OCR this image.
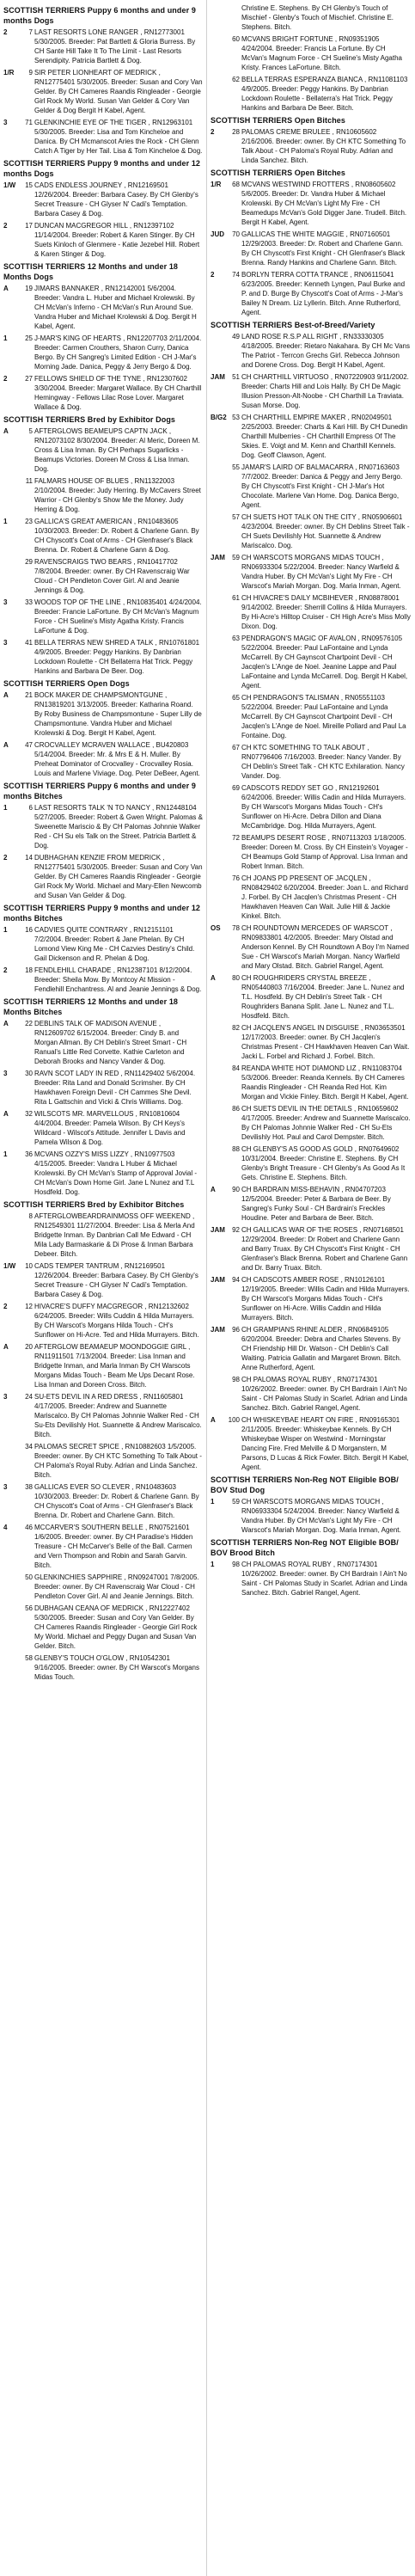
SCOTTISH TERRIERS Puppy 6 months and under 9 months Dogs
2	7 LAST RESORTS LONE RANGER , RN12773001 5/30/2005. Breeder: Pat Bartlett & Gloria Burress. By CH Sante Hill Take It To The Limit - Last Resorts Serendipity. Patricia Bartlett & Dog.
1/R	9 SIR PETER LIONHEART OF MEDRICK , RN12775401 5/30/2005. Breeder: Susan and Cory Van Gelder. By CH Cameres Raandis Ringleader - Georgie Girl Rock My World. Susan Van Gelder & Cory Van Gelder & Dog Bergit H Kabel, Agent.
3	71 GLENKINCHIE EYE OF THE TIGER , RN12963101 5/30/2005. Breeder: Lisa and Tom Kincheloe and Danica. By CH Mcmanscot Aries the Rock - CH Glenn Catch A Tiger by Her Tail. Lisa & Tom Kincheloe & Dog.
SCOTTISH TERRIERS Puppy 9 months and under 12 months Dogs
1/W	15 CADS ENDLESS JOURNEY , RN12169501 12/26/2004. Breeder: Barbara Casey. By CH Glenby's Secret Treasure - CH Glyser N' Cadi's Temptation. Barbara Casey & Dog.
2	17 DUNCAN MACGREGOR HILL , RN12397102 11/14/2004. Breeder: Robert & Karen Stinger. By CH Suets Kinloch of Glenmere - Katie Jezebel Hill. Robert & Karen Stinger & Dog.
SCOTTISH TERRIERS 12 Months and under 18 Months Dogs
A	19 JIMARS BANNAKER , RN12142001 5/6/2004. Breeder: Vandra L. Huber and Michael Krolewski. By CH McVan's Inferno - CH McVan's Run Around Sue. Vandra Huber and Michael Krolewski & Dog. Bergit H Kabel, Agent.
1	25 J-MAR'S KING OF HEARTS , RN12207703 2/11/2004. Breeder: Carmen Crouthers, Sharon Curry, Danica Bergo. By CH Sangreg's Limited Edition - CH J-Mar's Morning Jade. Danica, Peggy & Jerry Bergo & Dog.
2	27 FELLOWS SHIELD OF THE TYNE , RN12307602 3/30/2004. Breeder: Margaret Wallace. By CH Charthill Hemingway - Fellows Lilac Rose Lover. Margaret Wallace & Dog.
SCOTTISH TERRIERS Bred by Exhibitor Dogs
A	5 AFTERGLOWS BEAMEUPS CAPTN JACK , RN12073102 8/30/2004. Breeder: Al Meric, Doreen M. Cross & Lisa Inman. By CH Perhaps Sugarlicks - Beamups Victories. Doreen M Cross & Lisa Inman. Dog.
11 FALMARS HOUSE OF BLUES , RN11322003 2/10/2004. Breeder: Judy Herring. By McCavers Street Warrior - CH Glenby's Show Me the Money. Judy Herring & Dog.
1	23 GALLICA'S GREAT AMERICAN , RN10483605 10/30/2003. Breeder: Dr. Robert & Charlene Gann. By CH Chyscott's Coat of Arms - CH Glenfraser's Black Brenna. Dr. Robert & Charlene Gann & Dog.
29 RAVENSCRAIGS TWO BEARS , RN10417702 7/8/2004. Breeder: owner. By CH Ravenscraig War Cloud - CH Pendleton Cover Girl. Al and Jeanie Jennings & Dog.
3	33 WOODS TOP OF THE LINE , RN10835401 4/24/2004. Breeder: Francie LaFortune. By CH McVan's Magnum Force - CH Sueline's Misty Agatha Kristy. Francis LaFortune & Dog.
3	41 BELLA TERRAS NEW SHRED A TALK , RN10761801 4/9/2005. Breeder: Peggy Hankins. By Danbrian Lockdown Roulette - CH Bellaterra Hat Trick. Peggy Hankins and Barbara De Beer. Dog.
SCOTTISH TERRIERS Open Dogs
A	21 BOCK MAKER DE CHAMPSMONTGUNE , RN13819201 3/13/2005. Breeder: Katharina Roand. By Roby Business de Champsmontune - Super Lilly de Champsmontune. Vandra Huber and Michael Krolewski & Dog. Bergit H Kabel, Agent.
A	47 CROCVALLEY MCRAVEN WALLACE , BU420803 5/14/2004. Breeder: Mr. & Mrs E & H. Muller. By Preheat Dominator of Crocvalley - Crocvalley Rosia. Louis and Marlene Viviage. Dog. Peter DeBeer, Agent.
SCOTTISH TERRIERS Puppy 6 months and under 9 months Bitches
1	6 LAST RESORTS TALK 'N TO NANCY , RN12448104 5/27/2005. Breeder: Robert & Gwen Wright. Palomas & Sweenette Mariscio & By CH Palomas Johnnie Walker Red - CH Su els Talk on the Street. Patricia Bartlett & Dog.
2	14 DUBHAGHAN KENZIE FROM MEDRICK , RN12775401 5/30/2005. Breeder: Susan and Cory Van Gelder. By CH Cameres Raandis Ringleader - Georgie Girl Rock My World. Michael and Mary-Ellen Newcomb and Susan Van Gelder & Dog.
SCOTTISH TERRIERS Puppy 9 months and under 12 months Bitches
1	16 CADVIES QUITE CONTRARY , RN12151101 7/2/2004. Breeder: Robert & Jane Phelan. By CH Lomond View King Me - CH Cazvies Destiny's Child. Gail Dickenson and R. Phelan & Dog.
2	18 FENDLEHILL CHARADE , RN12387101 8/12/2004. Breeder: Sheila Mow. By Montcoy At Mission - Fendlehill Enchantress. Al and Jeanie Jennings & Dog.
SCOTTISH TERRIERS 12 Months and under 18 Months Bitches
A	22 DEBLINS TALK OF MADISON AVENUE , RN12609702 6/15/2004. Breeder: Cindy B. and Morgan Allman. By CH Deblin's Street Smart - CH Ranual's Little Red Corvette. Kathie Carleton and Deborah Brooks and Nancy Vander & Dog.
3	30 RAVN SCOT LADY IN RED , RN11429402 5/6/2004. Breeder: Rita Land and Donald Scrimsher. By CH Hawkhaven Foreign Devil - CH Cammes She Devil. Rita L Gattschin and Vicki & Chris Williams. Dog.
A	32 WILSCOTS MR. MARVELLOUS , RN10810604 4/4/2004. Breeder: Pamela Wilson. By CH Keys's Wildcard - Wilscot's Attitude. Jennifer L Davis and Pamela Wilson & Dog.
1	36 MCVANS OZZY'S MISS LIZZY , RN10977503 4/15/2005. Breeder: Vandra L Huber & Michael Krolewski. By CH McVan's Stamp of Approval Jovial - CH McVan's Down Home Girl. Jane L Nunez and T.L Hosdfeld. Dog.
SCOTTISH TERRIERS Bred by Exhibitor Bitches
8 AFTERGLOWBEARDRAINMOSS OFF WEEKEND , RN12549301 11/27/2004. Breeder: Lisa & Merla And Bridgette Inman. By Danbrian Call Me Edward - CH Mila Lady Barmaskarie & Di Prose & Inman Barbara Debeer. Bitch.
1/W	10 CADS TEMPER TANTRUM , RN12169501 12/26/2004. Breeder: Barbara Casey. By CH Glenby's Secret Treasure - CH Glyser N' Cadi's Temptation. Barbara Casey & Dog.
2	12 HIVACRE'S DUFFY MACGREGOR , RN12132602 6/24/2005. Breeder: Wills Cuddin & Hilda Murrayers. By CH Warscot's Morgans Hilda Touch - CH's Sunflower on Hi-Acre. Ted and Hilda Murrayers. Bitch.
A	20 AFTERGLOW BEAMAEUP MOONDOGGIE GIRL , RN11911501 7/13/2004. Breeder: Lisa Inman and Bridgette Inman, and Marla Inman By CH Warscots Morgans Midas Touch - Beam Me Ups Decant Rose. Lisa Inman and Doreen Cross. Bitch.
3	24 SU-ETS DEVIL IN A RED DRESS , RN11605801 4/17/2005. Breeder: Andrew and Suannette Mariscalco. By CH Palomas Johnnie Walker Red - CH Su-Ets Devilishly Hot. Suannette & Andrew Mariscalco. Bitch.
34 PALOMAS SECRET SPICE , RN10882603 1/5/2005. Breeder: owner. By CH KTC Something To Talk About - CH Paloma's Royal Ruby. Adrian and Linda Sanchez. Bitch.
3	38 GALLICAS EVER SO CLEVER , RN10483603 10/30/2003. Breeder: Dr. Robert & Charlene Gann. By CH Chyscott's Coat of Arms - CH Glenfraser's Black Brenna. Dr. Robert and Charlene Gann. Bitch.
4	46 MCCARVER'S SOUTHERN BELLE , RN07521601 1/6/2005. Breeder: owner. By CH Paradise's Hidden Treasure - CH McCarver's Belle of the Ball. Carmen and Vern Thompson and Robin and Sarah Garvin. Bitch.
50 GLENKINCHIES SAPPHIRE , RN09247001 7/8/2005. Breeder: owner. By CH Ravenscraig War Cloud - CH Pendleton Cover Girl. Al and Jeanie Jennings. Bitch.
56 DUBHAGAN CEANA OF MEDRICK , RN12227402 5/30/2005. Breeder: Susan and Cory Van Gelder. By CH Cameres Raandis Ringleader - Georgie Girl Rock My World. Michael and Peggy Dugan and Susan Van Gelder. Bitch.
58 GLENBY'S TOUCH O'GLOW , RN10542301 9/16/2005. Breeder: owner. By CH Warscot's Morgans Midas Touch.
Christine E. Stephens. By CH Glenby's Touch of Mischief - Glenby's Touch of Mischief. Christine E. Stephens. Bitch.
60 MCVANS BRIGHT FORTUNE , RN09351905 4/24/2004. Breeder: Francis La Fortune. By CH McVan's Magnum Force - CH Sueline's Misty Agatha Kristy. Frances LaFortune. Bitch.
62 BELLA TERRAS ESPERANZA BIANCA , RN11081103 4/9/2005. Breeder: Peggy Hankins. By Danbrian Lockdown Roulette - Bellaterra's Hat Trick. Peggy Hankins and Barbara De Beer. Bitch.
SCOTTISH TERRIERS Open Bitches
2	28 PALOMAS CREME BRULEE , RN10605602 2/16/2006. Breeder: owner. By CH KTC Something To Talk About - CH Paloma's Royal Ruby. Adrian and Linda Sanchez. Bitch.
SCOTTISH TERRIERS Open Bitches
1/R	68 MCVANS WESTWIND FROTTERS , RN08605602 5/6/2005. Breeder: Dr. Vandra Huber & Michael Krolewski. By CH McVan's Light My Fire - CH Beamedups McVan's Gold Digger Jane. Trudell. Bitch. Bergit H Kabel, Agent.
JUD	70 GALLICAS THE WHITE MAGGIE , RN07160501 12/29/2003. Breeder: Dr. Robert and Charlene Gann. By CH Chyscott's First Knight - CH Glenfraser's Black Brenna. Randy Hankins and Charlene Gann. Bitch.
2	74 BORLYN TERRA COTTA TRANCE , RN06115041 6/23/2005. Breeder: Kenneth Lyngen, Paul Burke and P. and D. Burge By Chyscott's Coat of Arms - J-Mar's Bailey N Dream. Liz Lyllerin. Bitch. Anne Rutherford, Agent.
SCOTTISH TERRIERS Best-of-Breed/Variety
49 LAND ROSE R.S.P ALL RIGHT , RN33330305 4/18/2005. Breeder: Rietaro Nakahara. By CH Mc Vans The Patriot - Terrcon Grechs Girl. Rebecca Johnson and Dorene Cross. Dog. Bergit H Kabel, Agent.
JAM	51 CH CHARTHILL VIRTUOSO , RN07220903 9/11/2002. Breeder: Charts Hill and Lois Hally. By CH De Magic Illusion Presson-Alt-Noobe - CH Charthill La Traviata. Susan Morse. Dog.
B/G2 53 CH CHARTHILL EMPIRE MAKER , RN02049501 2/25/2003. Breeder: Charts & Kari Hill. By CH Dunedin Charthill Mulberries - CH Charthill Empress Of The Skies. E. Voigt and M. Kenn and Charthill Kennels. Dog. Geoff Clawson, Agent.
55 JAMAR'S LAIRD OF BALMACARRA , RN07163603 7/7/2002. Breeder: Danica & Peggy and Jerry Bergo. By CH Chyscott's First Knight - CH J-Mar's Hot Chocolate. Marlene Van Home. Dog. Danica Bergo, Agent.
57 CH SUETS HOT TALK ON THE CITY , RN05906601 4/23/2004. Breeder: owner. By CH Deblins Street Talk - CH Suets Devilishly Hot. Suannette & Andrew Mariscalco. Dog.
JAM	59 CH WARSCOTS MORGANS MIDAS TOUCH , RN06933304 5/22/2004. Breeder: Nancy Warfield & Vandra Huber. By CH McVan's Light My Fire - CH Warscot's Mariah Morgan. Dog. Maria Inman, Agent.
61 CH HIVACRE'S DAILY MCBIHEVER , RN08878001 9/14/2002. Breeder: Sherrill Collins & Hilda Murrayers. By Hi-Acre's Hilltop Cruiser - CH High Acre's Miss Molly Dixon. Dog.
63 PENDRAGON'S MAGIC OF AVALON , RN09576105 5/22/2004. Breeder: Paul LaFontaine and Lynda McCarrell. By CH Gaynscot Chartpoint Devil - CH Jacqlen's L'Ange de Noel. Jeanine Lappe and Paul LaFontaine and Lynda McCarrell. Dog. Bergit H Kabel, Agent.
65 CH PENDRAGON'S TALISMAN , RN05551103 5/22/2004. Breeder: Paul LaFontaine and Lynda McCarrell. By CH Gaynscot Chartpoint Devil - CH Jacqlen's L'Ange de Noel. Mireille Pollard and Paul La Fontaine. Dog.
67 CH KTC SOMETHING TO TALK ABOUT , RN07796406 7/16/2003. Breeder: Nancy Vander. By CH Deblin's Street Talk - CH KTC Exhilaration. Nancy Vander. Dog.
69 CADSCOTS REDDY SET GO , RN12192601 6/24/2006. Breeder: Willis Cadin and Hilda Murrayers. By CH Warscot's Morgans Midas Touch - CH's Sunflower on Hi-Acre. Debra Dillon and Diana McCambridge. Dog. Hilda Murrayers, Agent.
72 BEAMUPS DESERT ROSE , RN07113203 1/18/2005. Breeder: Doreen M. Cross. By CH Einstein's Voyager - CH Beamups Gold Stamp of Approval. Lisa Inman and Robert Inman. Bitch.
76 CH JOANS PD PRESENT OF JACQLEN , RN08429402 6/20/2004. Breeder: Joan L. and Richard J. Forbel. By CH Jacqlen's Christmas Present - CH Hawkhaven Heaven Can Wait. Julie Hill & Jackie Kinkel. Bitch.
OS	78 CH ROUNDTOWN MERCEDES OF WARSCOT , RN09833801 4/2/2005. Breeder: Mary Olstad and Anderson Kennel. By CH Roundtown A Boy I'm Named Sue - CH Warscot's Mariah Morgan. Nancy Warfield and Mary Olstad. Bitch. Gabriel Rangel, Agent.
A	80 CH ROUGHRIDERS CRYSTAL BREEZE , RN05440803 7/16/2004. Breeder: Jane L. Nunez and T.L. Hosdfeld. By CH Deblin's Street Talk - CH Roughriders Banana Split. Jane L. Nunez and T.L. Hosdfeld. Bitch.
82 CH JACQLEN'S ANGEL IN DISGUISE , RN03653501 12/17/2003. Breeder: owner. By CH Jacqlen's Christmas Present - CH Hawkhaven Heaven Can Wait. Jacki L. Forbel and Richard J. Forbel. Bitch.
84 REANDA WHITE HOT DIAMOND LIZ , RN11083704 5/3/2006. Breeder: Reanda Kennels. By CH Cameres Raandis Ringleader - CH Reanda Red Hot. Kim Morgan and Vickie Finley. Bitch. Bergit H Kabel, Agent.
86 CH SUETS DEVIL IN THE DETAILS , RN10659602 4/17/2005. Breeder: Andrew and Suannette Mariscalco. By CH Palomas Johnnie Walker Red - CH Su-Ets Devilishly Hot. Paul and Carol Dempster. Bitch.
88 CH GLENBY'S AS GOOD AS GOLD , RN07649602 10/31/2004. Breeder: Christine E. Stephens. By CH Glenby's Bright Treasure - CH Glenby's As Good As It Gets. Christine E. Stephens. Bitch.
A	90 CH BARDRAIN MISS-BEHAVIN , RN04707203 12/5/2004. Breeder: Peter & Barbara de Beer. By Sangreg's Funky Soul - CH Bardrain's Freckles Houdine. Peter and Barbara de Beer. Bitch.
JAM	92 CH GALLICAS WAR OF THE ROSES , RN07168501 12/29/2004. Breeder: Dr Robert and Charlene Gann and Barry Truax. By CH Chyscott's First Knight - CH Glenfraser's Black Brenna. Robert and Charlene Gann and Dr. Barry Truax. Bitch.
JAM	94 CH CADSCOTS AMBER ROSE , RN10126101 12/19/2005. Breeder: Willis Cadin and Hilda Murrayers. By CH Warscot's Morgans Midas Touch - CH's Sunflower on Hi-Acre. Willis Caddin and Hilda Murrayers. Bitch.
JAM	96 CH GRAMPIANS RHINE ALDER , RN06849105 6/20/2004. Breeder: Debra and Charles Stevens. By CH Friendship Hill Dr. Watson - CH Deblin's Call Waiting. Patricia Gallatin and Margaret Brown. Bitch. Anne Rutherford, Agent.
98 CH PALOMAS ROYAL RUBY , RN07174301 10/26/2002. Breeder: owner. By CH Bardrain I Ain't No Saint - CH Palomas Study in Scarlet. Adrian and Linda Sanchez. Bitch. Gabriel Rangel, Agent.
A	100 CH WHISKEYBAE HEART ON FIRE , RN09165301 2/11/2005. Breeder: Whiskeybae Kennels. By CH Whiskeybae Wisper on Westwind - Morningstar Dancing Fire. Fred Melville & D Morganstern, M Parsons, D Lucas & Rick Fowler. Bitch. Bergit H Kabel, Agent.
SCOTTISH TERRIERS Non-Reg NOT Eligible BOB/ BOV Stud Dog
1	59 CH WARSCOTS MORGANS MIDAS TOUCH , RN06933304 5/24/2004. Breeder: Nancy Warfield & Vandra Huber. By CH McVan's Light My Fire - CH Warscot's Mariah Morgan. Dog. Maria Inman, Agent.
SCOTTISH TERRIERS Non-Reg NOT Eligible BOB/ BOV Brood Bitch
1	98 CH PALOMAS ROYAL RUBY , RN07174301 10/26/2002. Breeder: owner. By CH Bardrain I Ain't No Saint - CH Palomas Study in Scarlet. Adrian and Linda Sanchez. Bitch. Gabriel Rangel, Agent.
